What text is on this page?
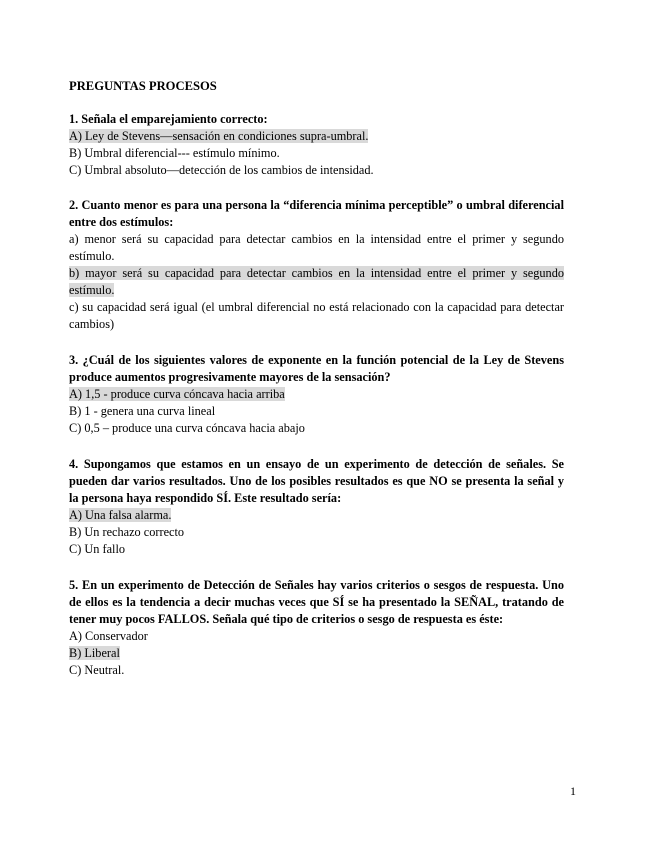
PREGUNTAS PROCESOS
1. Señala el emparejamiento correcto:
A) Ley de Stevens—sensación en condiciones supra-umbral.
B) Umbral diferencial--- estímulo mínimo.
C) Umbral absoluto—detección de los cambios de intensidad.
2. Cuanto menor es para una persona la “diferencia mínima perceptible” o umbral diferencial entre dos estímulos:
a) menor será su capacidad para detectar cambios en la intensidad entre el primer y segundo estímulo.
b) mayor será su capacidad para detectar cambios en la intensidad entre el primer y segundo estímulo.
c) su capacidad será igual (el umbral diferencial no está relacionado con la capacidad para detectar cambios)
3. ¿Cuál de los siguientes valores de exponente en la función potencial de la Ley de Stevens produce aumentos progresivamente mayores de la sensación?
A) 1,5 - produce curva cóncava hacia arriba
B) 1 - genera una curva lineal
C) 0,5 – produce una curva cóncava hacia abajo
4. Supongamos que estamos en un ensayo de un experimento de detección de señales. Se pueden dar varios resultados. Uno de los posibles resultados es que NO se presenta la señal y la persona haya respondido SÍ. Este resultado sería:
A) Una falsa alarma.
B) Un rechazo correcto
C) Un fallo
5. En un experimento de Detección de Señales hay varios criterios o sesgos de respuesta. Uno de ellos es la tendencia a decir muchas veces que SÍ se ha presentado la SEÑAL, tratando de tener muy pocos FALLOS. Señala qué tipo de criterios o sesgo de respuesta es éste:
A) Conservador
B) Liberal
C) Neutral.
1
